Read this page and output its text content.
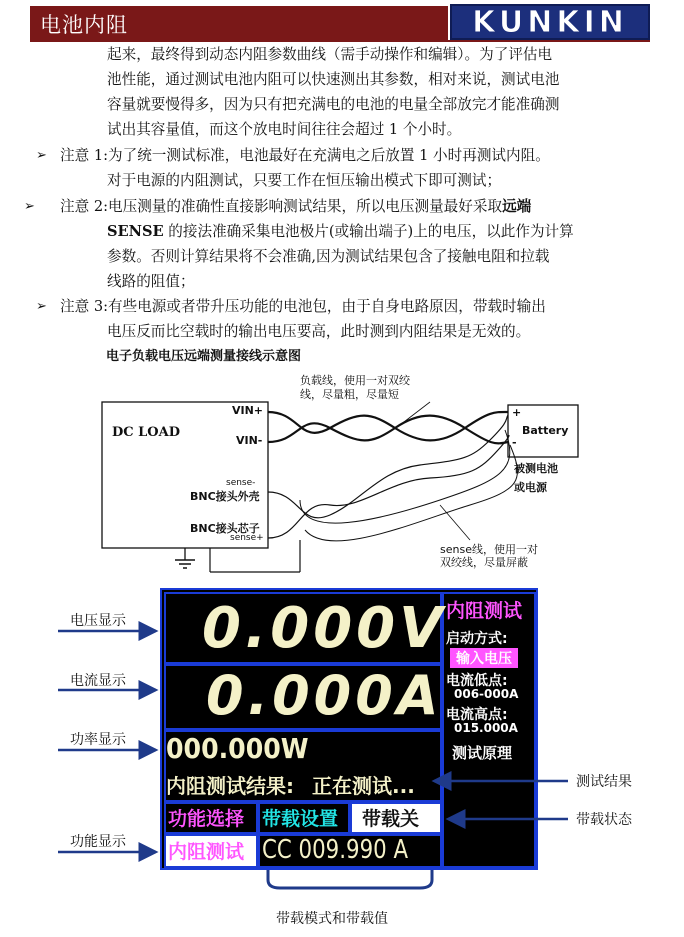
电池内阻	KUNKIN
起来，最终得到动态内阻参数曲线（需手动操作和编辑）。为了评估电
池性能，通过测试电池内阻可以快速测出其参数，相对来说，测试电池
容量就要慢得多，因为只有把充满电的电池的电量全部放完才能准确测
试出其容量值，而这个放电时间往往会超过 1 个小时。
➢ 注意 1:为了统一测试标准，电池最好在充满电之后放置 1 小时再测试内阻。
对于电源的内阻测试，只要工作在恒压输出模式下即可测试；
➢ 注意 2:电压测量的准确性直接影响测试结果，所以电压测量最好采取远端
SENSE 的接法准确采集电池极片(或输出端子)上的电压，以此作为计算
参数。否则计算结果将不会准确,因为测试结果包含了接触电阻和拉载
线路的阻值；
➢ 注意 3:有些电源或者带升压功能的电池包，由于自身电路原因，带载时输出
电压反而比空载时的输出电压要高，此时测到内阻结果是无效的。
电子负载电压远端测量接线示意图
DC LOAD
VIN+
VIN-
sense-
BNC接头外壳
BNC接头芯子
sense+
负载线，使用一对双绞
线，尽量粗，尽量短
+
-
Battery
被测电池
或电源
sense线，使用一对
双绞线，尽量屏蔽
0.000V
0.000A
000.000W
内阻测试结果: 正在测试...
功能选择 带载设置 带载关
内阻测试 CC 009.990 A
内阻测试
启动方式:
输入电压
电流低点:
006-000A
电流高点:
015.000A
测试原理
电压显示
电流显示
功率显示
功能显示
测试结果
带载状态
带载模式和带载值
